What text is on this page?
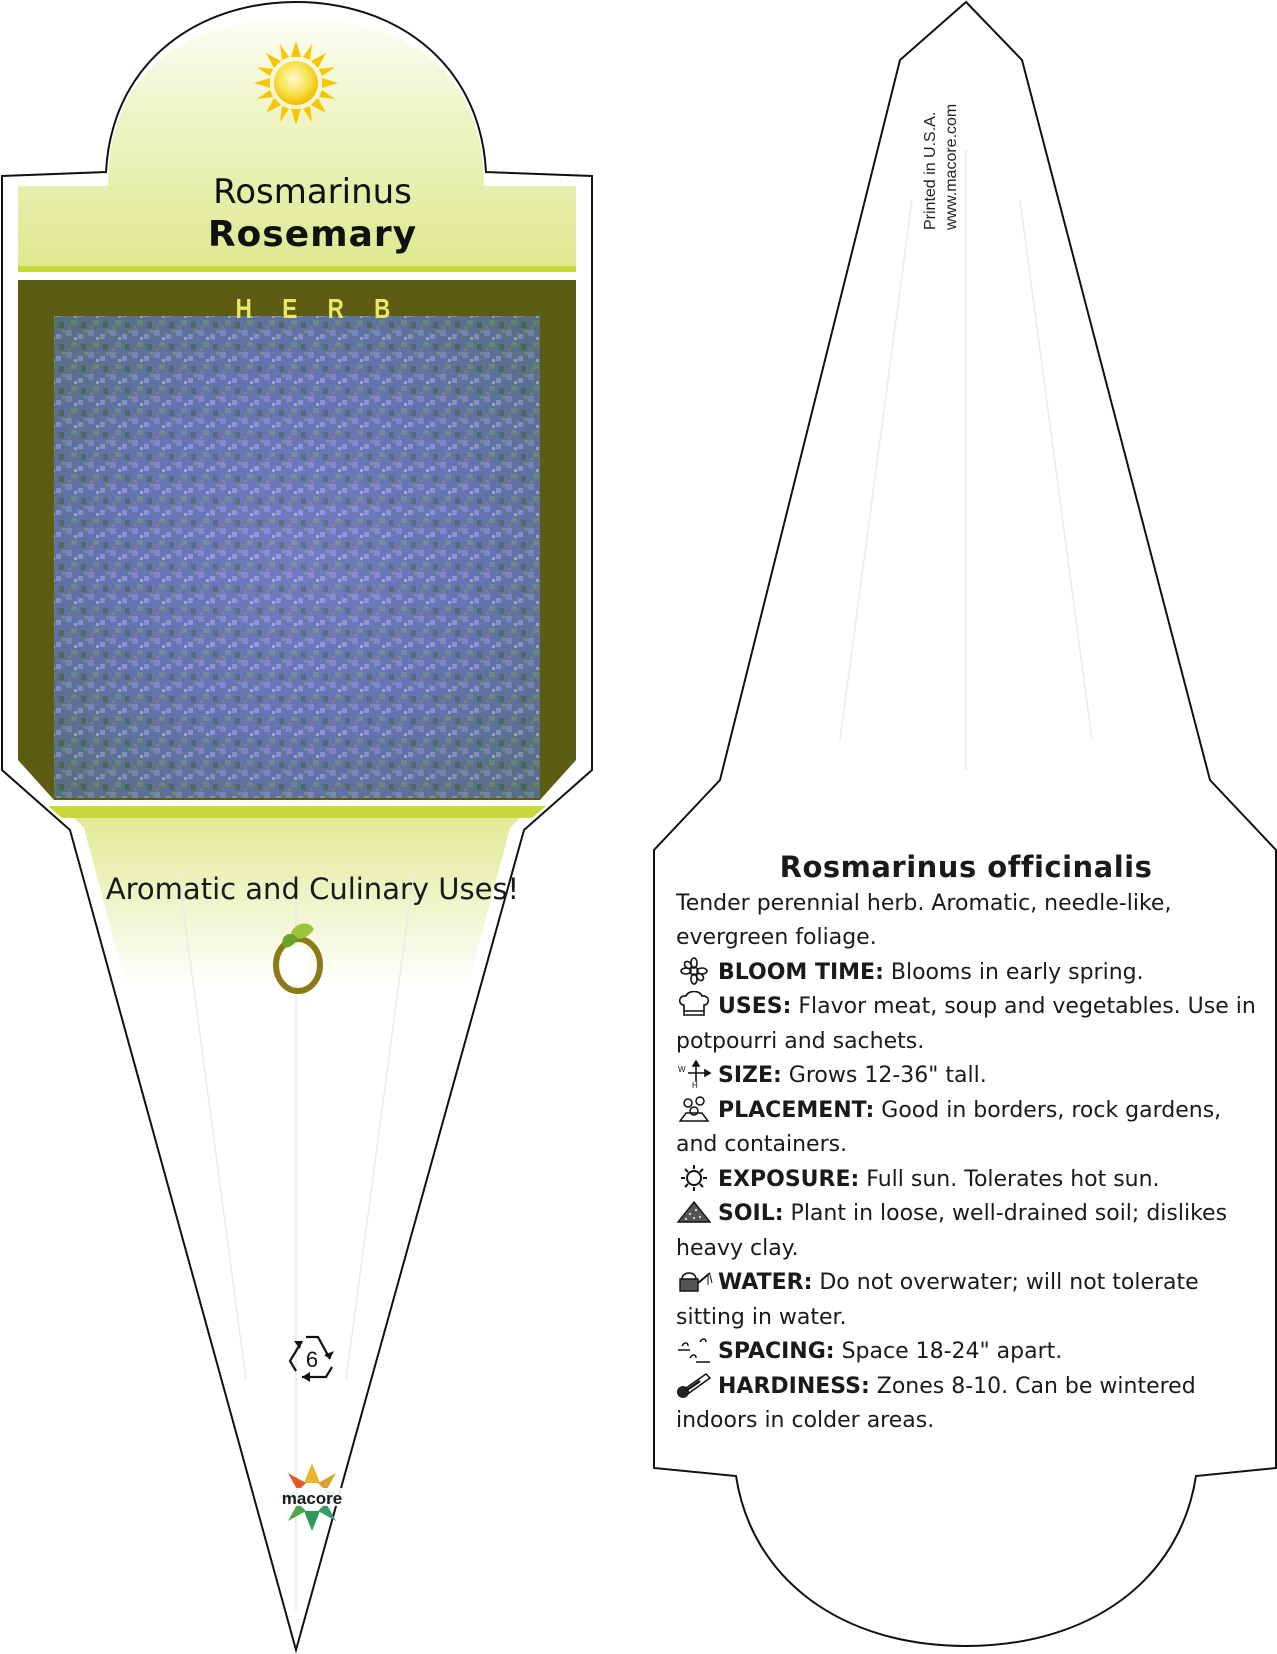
Rosmarinus
Rosemary
HERB
Aromatic and Culinary Uses!
6
macore
Printed in U.S.A. www.macore.com
Rosmarinus officinalis

Tender perennial herb. Aromatic, needle-like, evergreen foliage.

BLOOM TIME: Blooms in early spring.

USES: Flavor meat, soup and vegetables. Use in potpourri and sachets.

W
H SIZE: Grows 12-36" tall.

PLACEMENT: Good in borders, rock gardens, and containers.

EXPOSURE: Full sun. Tolerates hot sun.

SOIL: Plant in loose, well-drained soil; dislikes heavy clay.

WATER: Do not overwater; will not tolerate sitting in water.

SPACING: Space 18-24" apart.

HARDINESS: Zones 8-10. Can be wintered indoors in colder areas.
